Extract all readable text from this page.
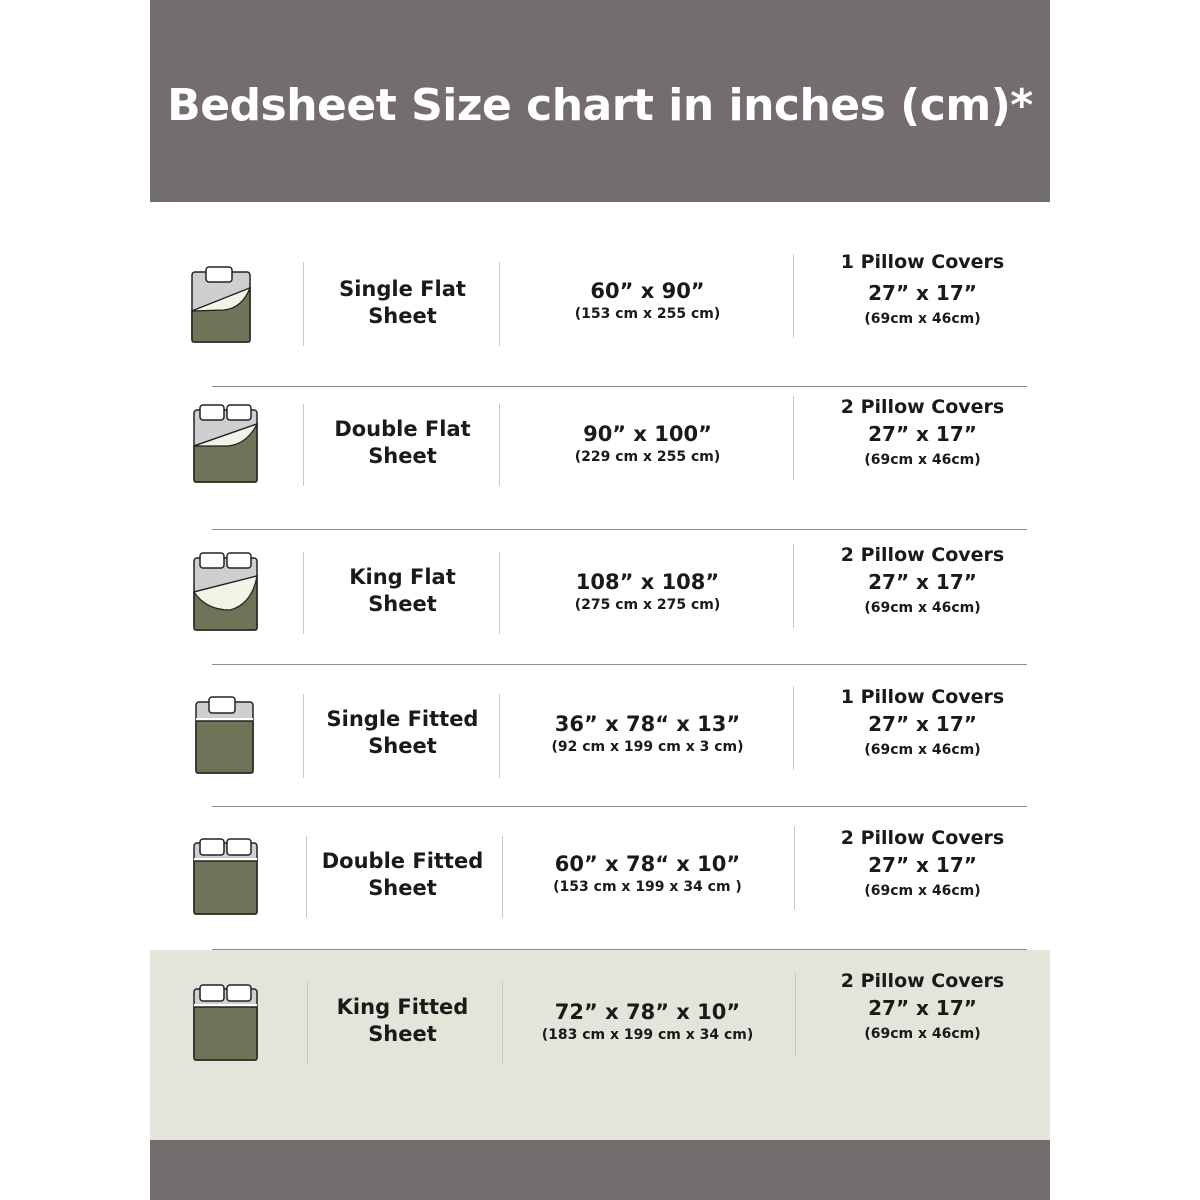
Bedsheet Size chart in inches (cm)*
Single Flat
Sheet
60” x 90”
(153 cm x 255 cm)
1 Pillow Covers
27” x 17”
(69cm x 46cm)
Double Flat
Sheet
90” x 100”
(229 cm x 255 cm)
2 Pillow Covers
27” x 17”
(69cm x 46cm)
King Flat
Sheet
108” x 108”
(275 cm x 275 cm)
2 Pillow Covers
27” x 17”
(69cm x 46cm)
Single Fitted
Sheet
36” x 78“ x 13”
(92 cm x 199 cm x 3 cm)
1 Pillow Covers
27” x 17”
(69cm x 46cm)
Double Fitted
Sheet
60” x 78“ x 10”
(153 cm x 199 x 34 cm )
2 Pillow Covers
27” x 17”
(69cm x 46cm)
King Fitted
Sheet
72” x 78” x 10”
(183 cm x 199 cm x 34 cm)
2 Pillow Covers
27” x 17”
(69cm x 46cm)
